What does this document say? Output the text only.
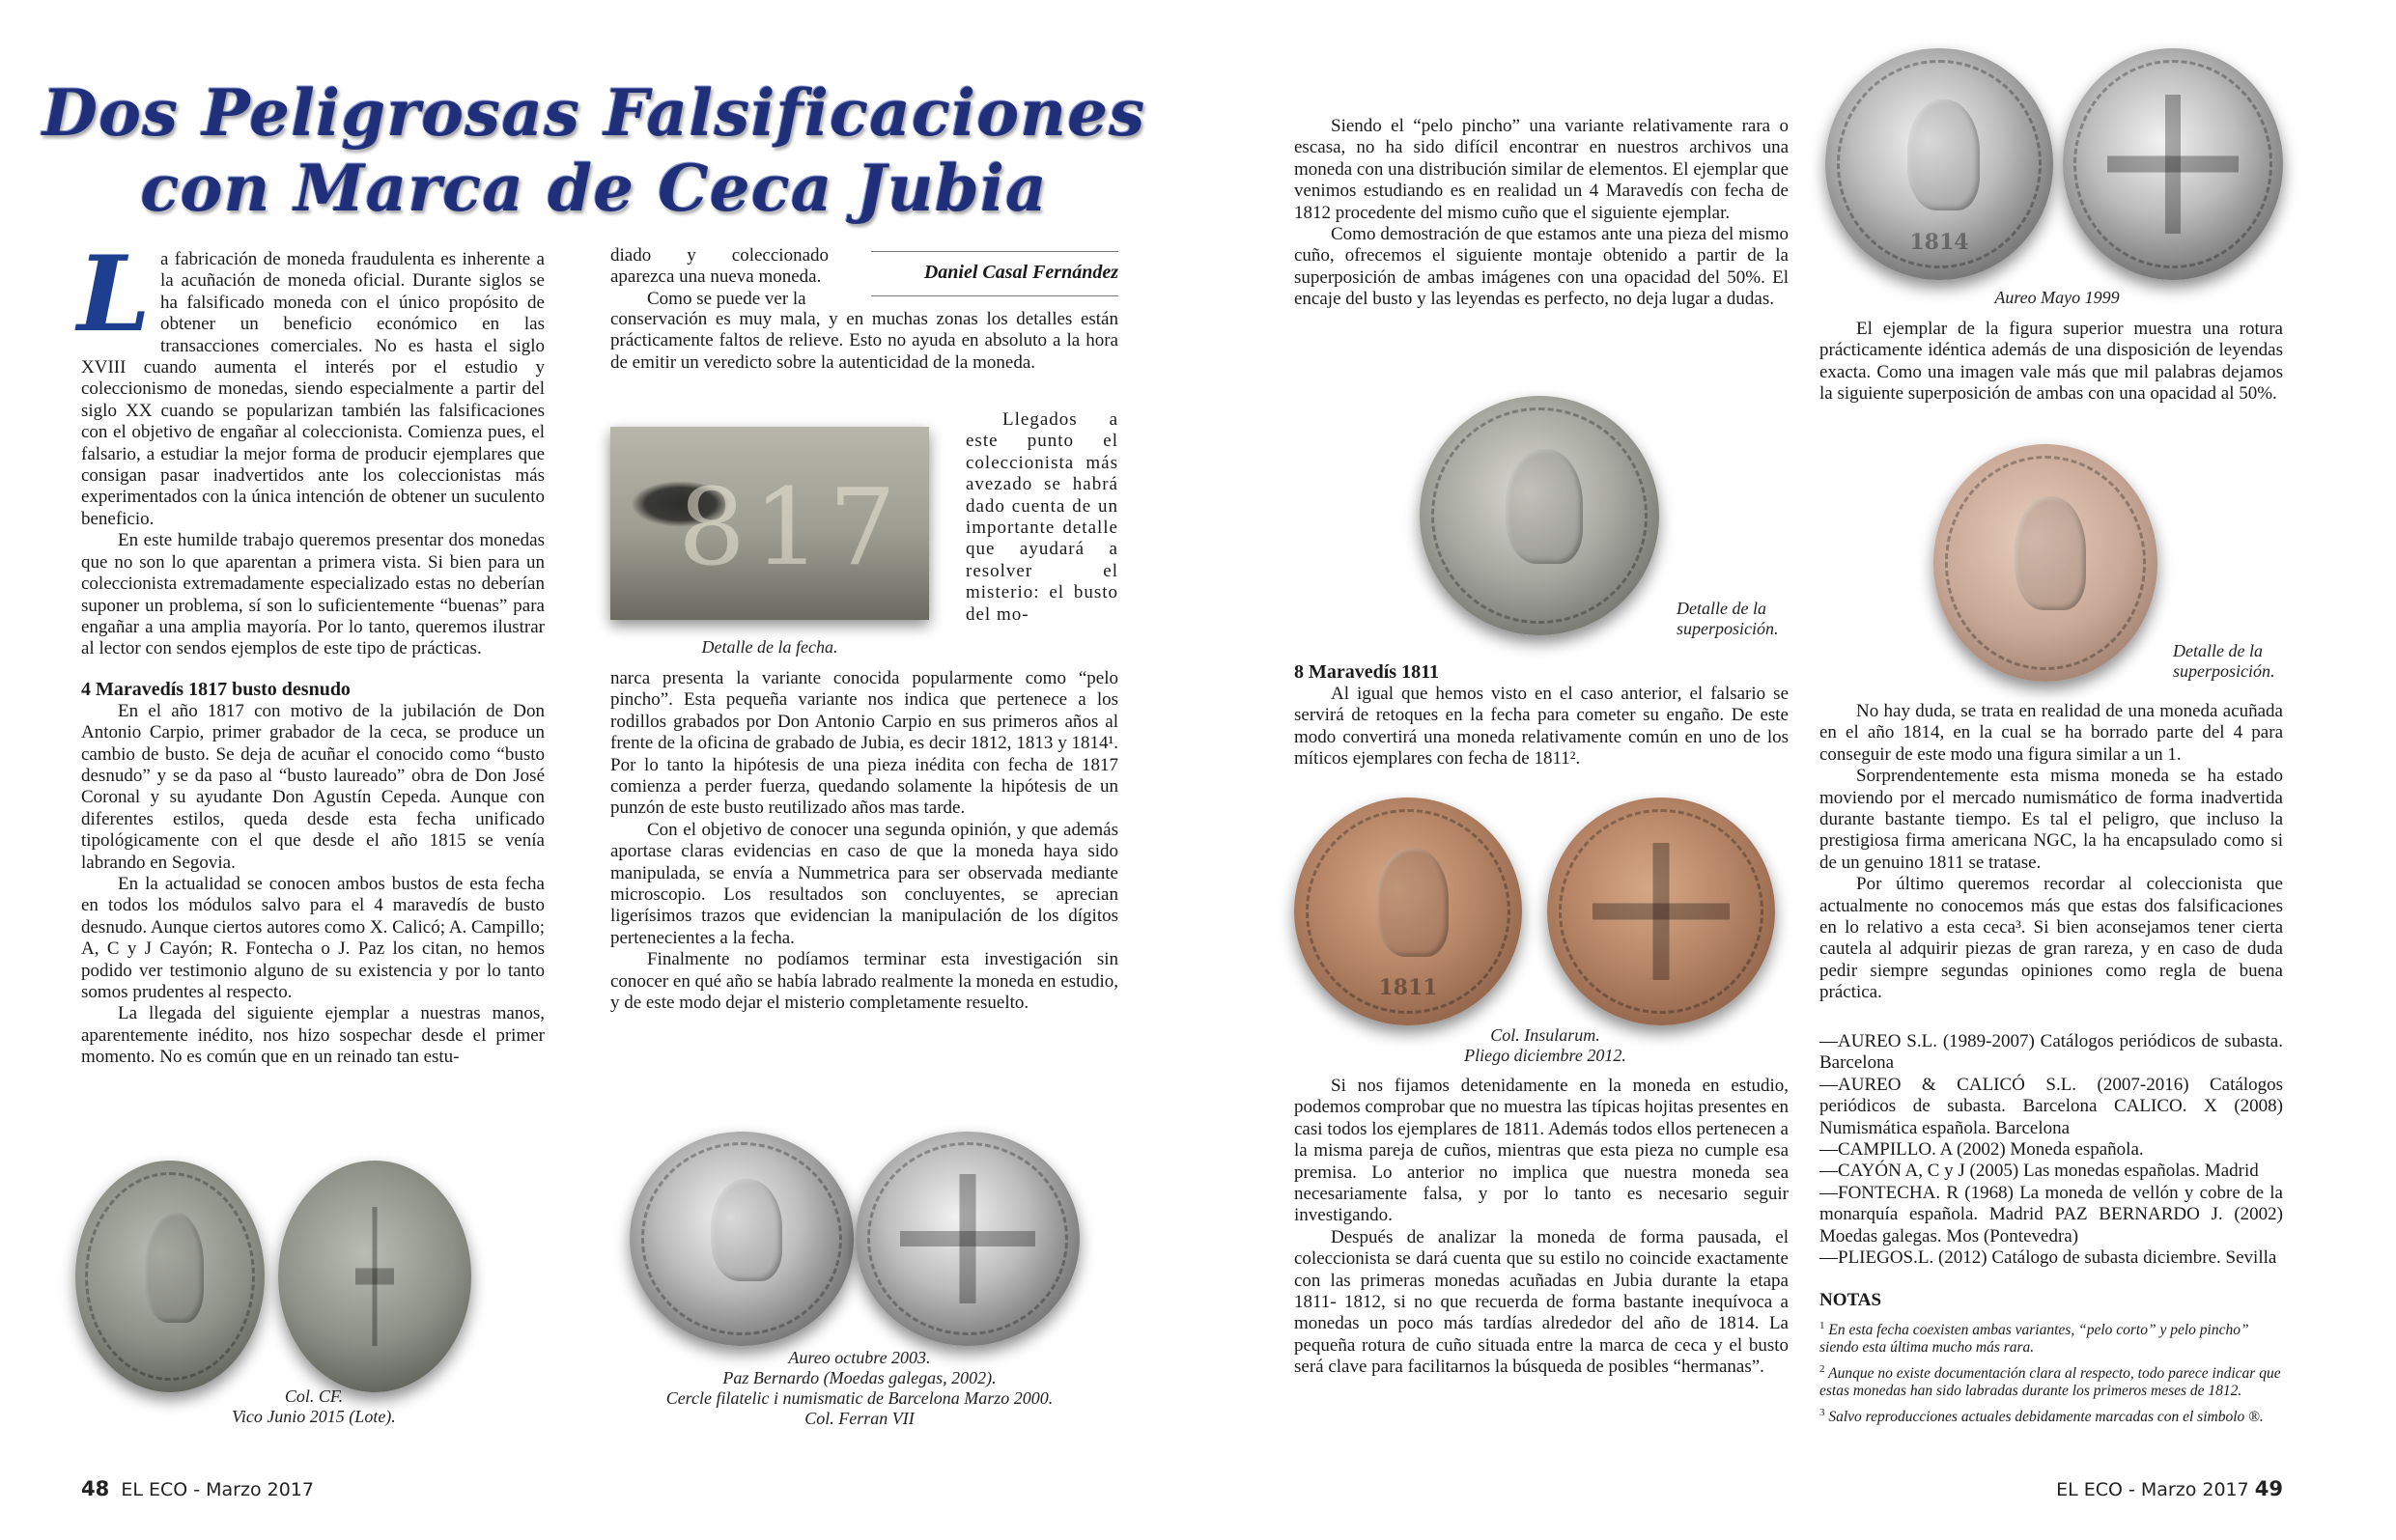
Dos Peligrosas Falsificaciones
con Marca de Ceca Jubia

La fabricación de moneda fraudulenta es inherente a la acuñación de moneda oficial. Durante siglos se ha falsificado moneda con el único propósito de obtener un beneficio económico en las transacciones comerciales. No es hasta el siglo XVIII cuando aumenta el interés por el estudio y coleccionismo de monedas, siendo especialmente a partir del siglo XX cuando se popularizan también las falsificaciones con el objetivo de engañar al coleccionista. Comienza pues, el falsario, a estudiar la mejor forma de producir ejemplares que consigan pasar inadvertidos ante los coleccionistas más experimentados con la única intención de obtener un suculento beneficio.

En este humilde trabajo queremos presentar dos monedas que no son lo que aparentan a primera vista. Si bien para un coleccionista extremadamente especializado estas no deberían suponer un problema, sí son lo suficientemente “buenas” para engañar a una amplia mayoría. Por lo tanto, queremos ilustrar al lector con sendos ejemplos de este tipo de prácticas.

4 Maravedís 1817 busto desnudo

En el año 1817 con motivo de la jubilación de Don Antonio Carpio, primer grabador de la ceca, se produce un cambio de busto. Se deja de acuñar el conocido como “busto desnudo” y se da paso al “busto laureado” obra de Don José Coronal y su ayudante Don Agustín Cepeda. Aunque con diferentes estilos, queda desde esta fecha unificado tipológicamente con el que desde el año 1815 se venía labrando en Segovia.

En la actualidad se conocen ambos bustos de esta fecha en todos los módulos salvo para el 4 maravedís de busto desnudo. Aunque ciertos autores como X. Calicó; A. Campillo; A, C y J Cayón; R. Fontecha o J. Paz los citan, no hemos podido ver testimonio alguno de su existencia y por lo tanto somos prudentes al respecto.

La llegada del siguiente ejemplar a nuestras manos, aparentemente inédito, nos hizo sospechar desde el primer momento. No es común que en un reinado tan estu-

Col. CF.
Vico Junio 2015 (Lote).

diado y coleccionado aparezca una nueva moneda.

Como se puede ver la

Daniel Casal Fernández

conservación es muy mala, y en muchas zonas los detalles están prácticamente faltos de relieve. Esto no ayuda en absoluto a la hora de emitir un veredicto sobre la autenticidad de la moneda.

817
Detalle de la fecha.

Llegados a este punto el coleccionista más avezado se habrá dado cuenta de un importante detalle que ayudará a resolver el misterio: el busto del mo-

narca presenta la variante conocida popularmente como “pelo pincho”. Esta pequeña variante nos indica que pertenece a los rodillos grabados por Don Antonio Carpio en sus primeros años al frente de la oficina de grabado de Jubia, es decir 1812, 1813 y 1814¹. Por lo tanto la hipótesis de una pieza inédita con fecha de 1817 comienza a perder fuerza, quedando solamente la hipótesis de un punzón de este busto reutilizado años mas tarde.

Con el objetivo de conocer una segunda opinión, y que además aportase claras evidencias en caso de que la moneda haya sido manipulada, se envía a Nummetrica para ser observada mediante microscopio. Los resultados son concluyentes, se aprecian ligerísimos trazos que evidencian la manipulación de los dígitos pertenecientes a la fecha.

Finalmente no podíamos terminar esta investigación sin conocer en qué año se había labrado realmente la moneda en estudio, y de este modo dejar el misterio completamente resuelto.

Aureo octubre 2003.
Paz Bernardo (Moedas galegas, 2002).
Cercle filatelic i numismatic de Barcelona Marzo 2000.
Col. Ferran VII
48 EL ECO - Marzo 2017

Siendo el “pelo pincho” una variante relativamente rara o escasa, no ha sido difícil encontrar en nuestros archivos una moneda con una distribución similar de elementos. El ejemplar que venimos estudiando es en realidad un 4 Maravedís con fecha de 1812 procedente del mismo cuño que el siguiente ejemplar.

Como demostración de que estamos ante una pieza del mismo cuño, ofrecemos el siguiente montaje obtenido a partir de la superposición de ambas imágenes con una opacidad del 50%. El encaje del busto y las leyendas es perfecto, no deja lugar a dudas.

Detalle de la
superposición.
8 Maravedís 1811

Al igual que hemos visto en el caso anterior, el falsario se servirá de retoques en la fecha para cometer su engaño. De este modo convertirá una moneda relativamente común en uno de los míticos ejemplares con fecha de 1811².

1811
Col. Insularum.
Pliego diciembre 2012.

Si nos fijamos detenidamente en la moneda en estudio, podemos comprobar que no muestra las típicas hojitas presentes en casi todos los ejemplares de 1811. Además todos ellos pertenecen a la misma pareja de cuños, mientras que esta pieza no cumple esa premisa. Lo anterior no implica que nuestra moneda sea necesariamente falsa, y por lo tanto es necesario seguir investigando.

Después de analizar la moneda de forma pausada, el coleccionista se dará cuenta que su estilo no coincide exactamente con las primeras monedas acuñadas en Jubia durante la etapa 1811- 1812, si no que recuerda de forma bastante inequívoca a monedas un poco más tardías alrededor del año de 1814. La pequeña rotura de cuño situada entre la marca de ceca y el busto será clave para facilitarnos la búsqueda de posibles “hermanas”.

1814
Aureo Mayo 1999

El ejemplar de la figura superior muestra una rotura prácticamente idéntica además de una disposición de leyendas exacta. Como una imagen vale más que mil palabras dejamos la siguiente superposición de ambas con una opacidad al 50%.

Detalle de la
superposición.

No hay duda, se trata en realidad de una moneda acuñada en el año 1814, en la cual se ha borrado parte del 4 para conseguir de este modo una figura similar a un 1.

Sorprendentemente esta misma moneda se ha estado moviendo por el mercado numismático de forma inadvertida durante bastante tiempo. Es tal el peligro, que incluso la prestigiosa firma americana NGC, la ha encapsulado como si de un genuino 1811 se tratase.

Por último queremos recordar al coleccionista que actualmente no conocemos más que estas dos falsificaciones en lo relativo a esta ceca³. Si bien aconsejamos tener cierta cautela al adquirir piezas de gran rareza, y en caso de duda pedir siempre segundas opiniones como regla de buena práctica.

—AUREO S.L. (1989-2007) Catálogos periódicos de subasta. Barcelona
—AUREO & CALICÓ S.L. (2007-2016) Catálogos periódicos de subasta. Barcelona CALICO. X (2008) Numismática española. Barcelona
—CAMPILLO. A (2002) Moneda española.
—CAYÓN A, C y J (2005) Las monedas españolas. Madrid
—FONTECHA. R (1968) La moneda de vellón y cobre de la monarquía española. Madrid PAZ BERNARDO J. (2002) Moedas galegas. Mos (Pontevedra)
—PLIEGOS.L. (2012) Catálogo de subasta diciembre. Sevilla
NOTAS
$^1$ En esta fecha coexisten ambas variantes, “pelo corto” y pelo pincho” siendo esta última mucho más rara.
$^2$ Aunque no existe documentación clara al respecto, todo parece indicar que estas monedas han sido labradas durante los primeros meses de 1812.
$^3$ Salvo reproducciones actuales debidamente marcadas con el simbolo ®.
EL ECO - Marzo 2017 49
